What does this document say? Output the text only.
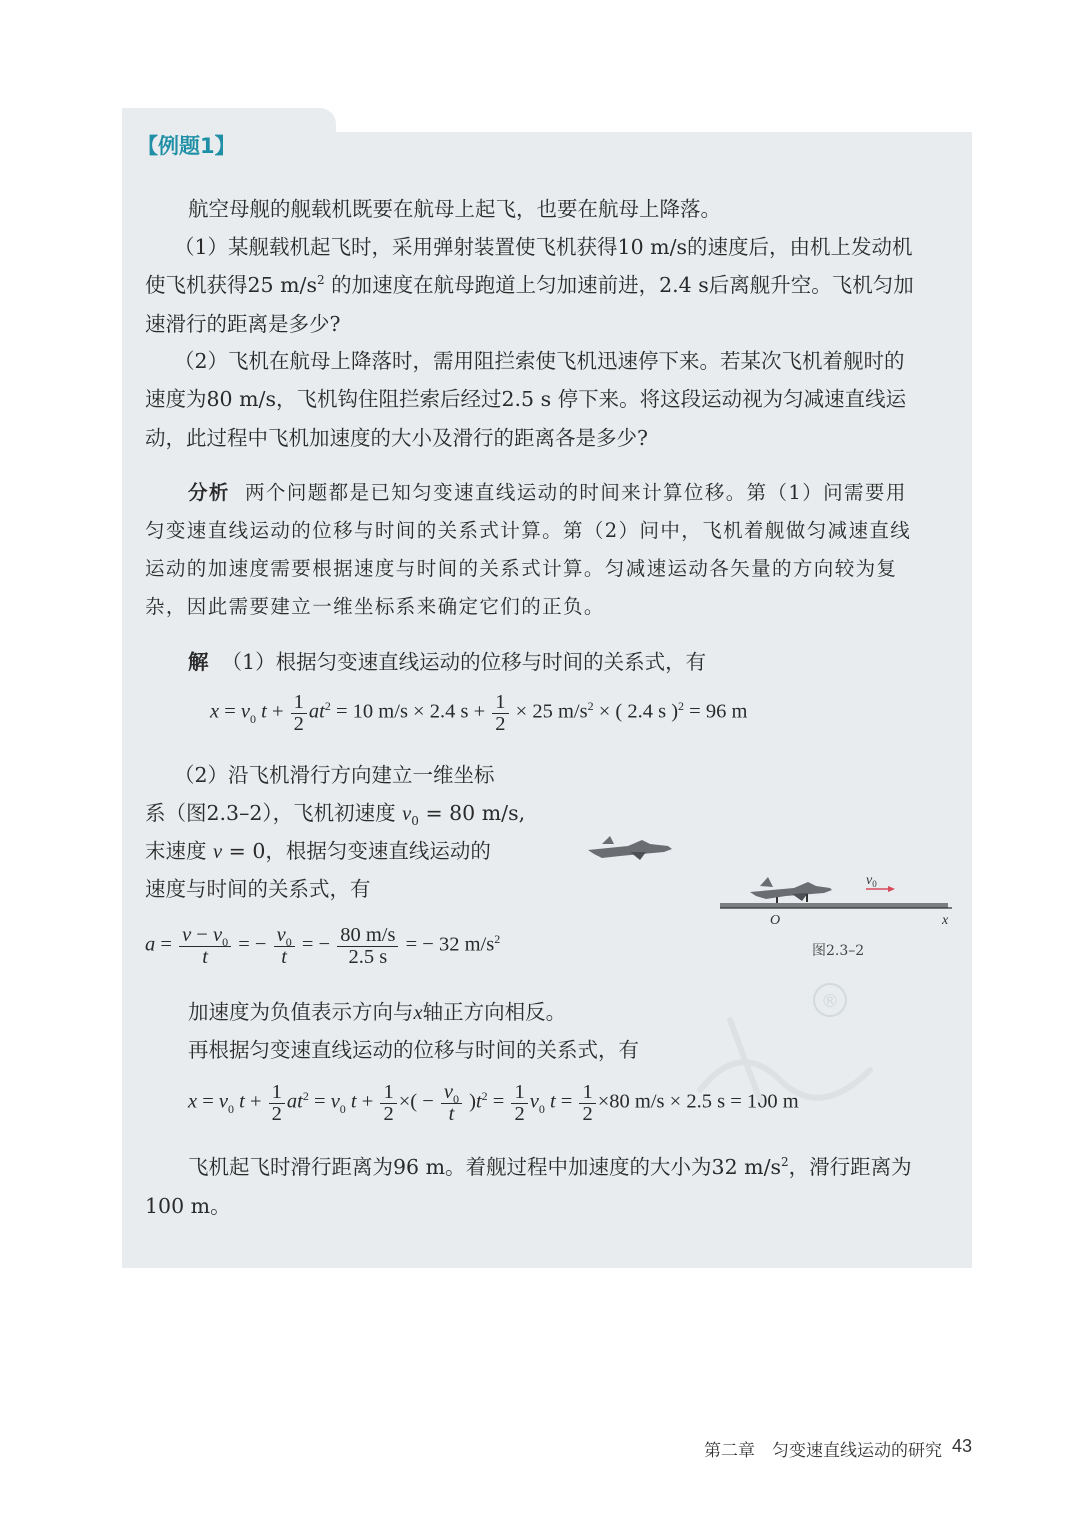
【例题1】
航空母舰的舰载机既要在航母上起飞，也要在航母上降落。
（1）某舰载机起飞时，采用弹射装置使飞机获得10 m/s的速度后，由机上发动机
使飞机获得25 $m/s^2$ 的加速度在航母跑道上匀加速前进，2.4 s后离舰升空。飞机匀加
速滑行的距离是多少?
（2）飞机在航母上降落时，需用阻拦索使飞机迅速停下来。若某次飞机着舰时的
速度为80 m/s，飞机钩住阻拦索后经过2.5 s 停下来。将这段运动视为匀减速直线运
动，此过程中飞机加速度的大小及滑行的距离各是多少?
分析 两个问题都是已知匀变速直线运动的时间来计算位移。第（1）问需要用
匀变速直线运动的位移与时间的关系式计算。第（2）问中，飞机着舰做匀减速直线
运动的加速度需要根据速度与时间的关系式计算。匀减速运动各矢量的方向较为复
杂，因此需要建立一维坐标系来确定它们的正负。
解 （1）根据匀变速直线运动的位移与时间的关系式，有
$x = v_0$ $t + \frac{1}{2} at^2 = 10$ m/s × 2.4 $s + \frac{1}{2} \times 25$ $m/s^2$ × ( 2.4 s )$^2$ = 96 m
（2）沿飞机滑行方向建立一维坐标
系（图2.3–2），飞机初速度 $v_0 = 80$ m/s,
末速度 v = 0，根据匀变速直线运动的
速度与时间的关系式，有
$a = \frac{v - v_0}{t}$ = − $\frac{v_0}{t}$ = − $\frac{80 m/s}{2.5 s}$ = − 32 $m/s^2$
加速度为负值表示方向与x轴正方向相反。
再根据匀变速直线运动的位移与时间的关系式，有
$x = v_0$ $t + \frac{1}{2} at^2 = v_0$ $t + \frac{1}{2}$ ×( − $\frac{v_0}{t} )t^2 = \frac{1}{2} v_0$ $t = \frac{1}{2} \times 80$ m/s × 2.5 s = 100 m
飞机起飞时滑行距离为96 m。着舰过程中加速度的大小为32 $m/s^2$，滑行距离为
100 m。
$v_0$
O	x
图2.3–2
®
第二章　匀变速直线运动的研究 43
